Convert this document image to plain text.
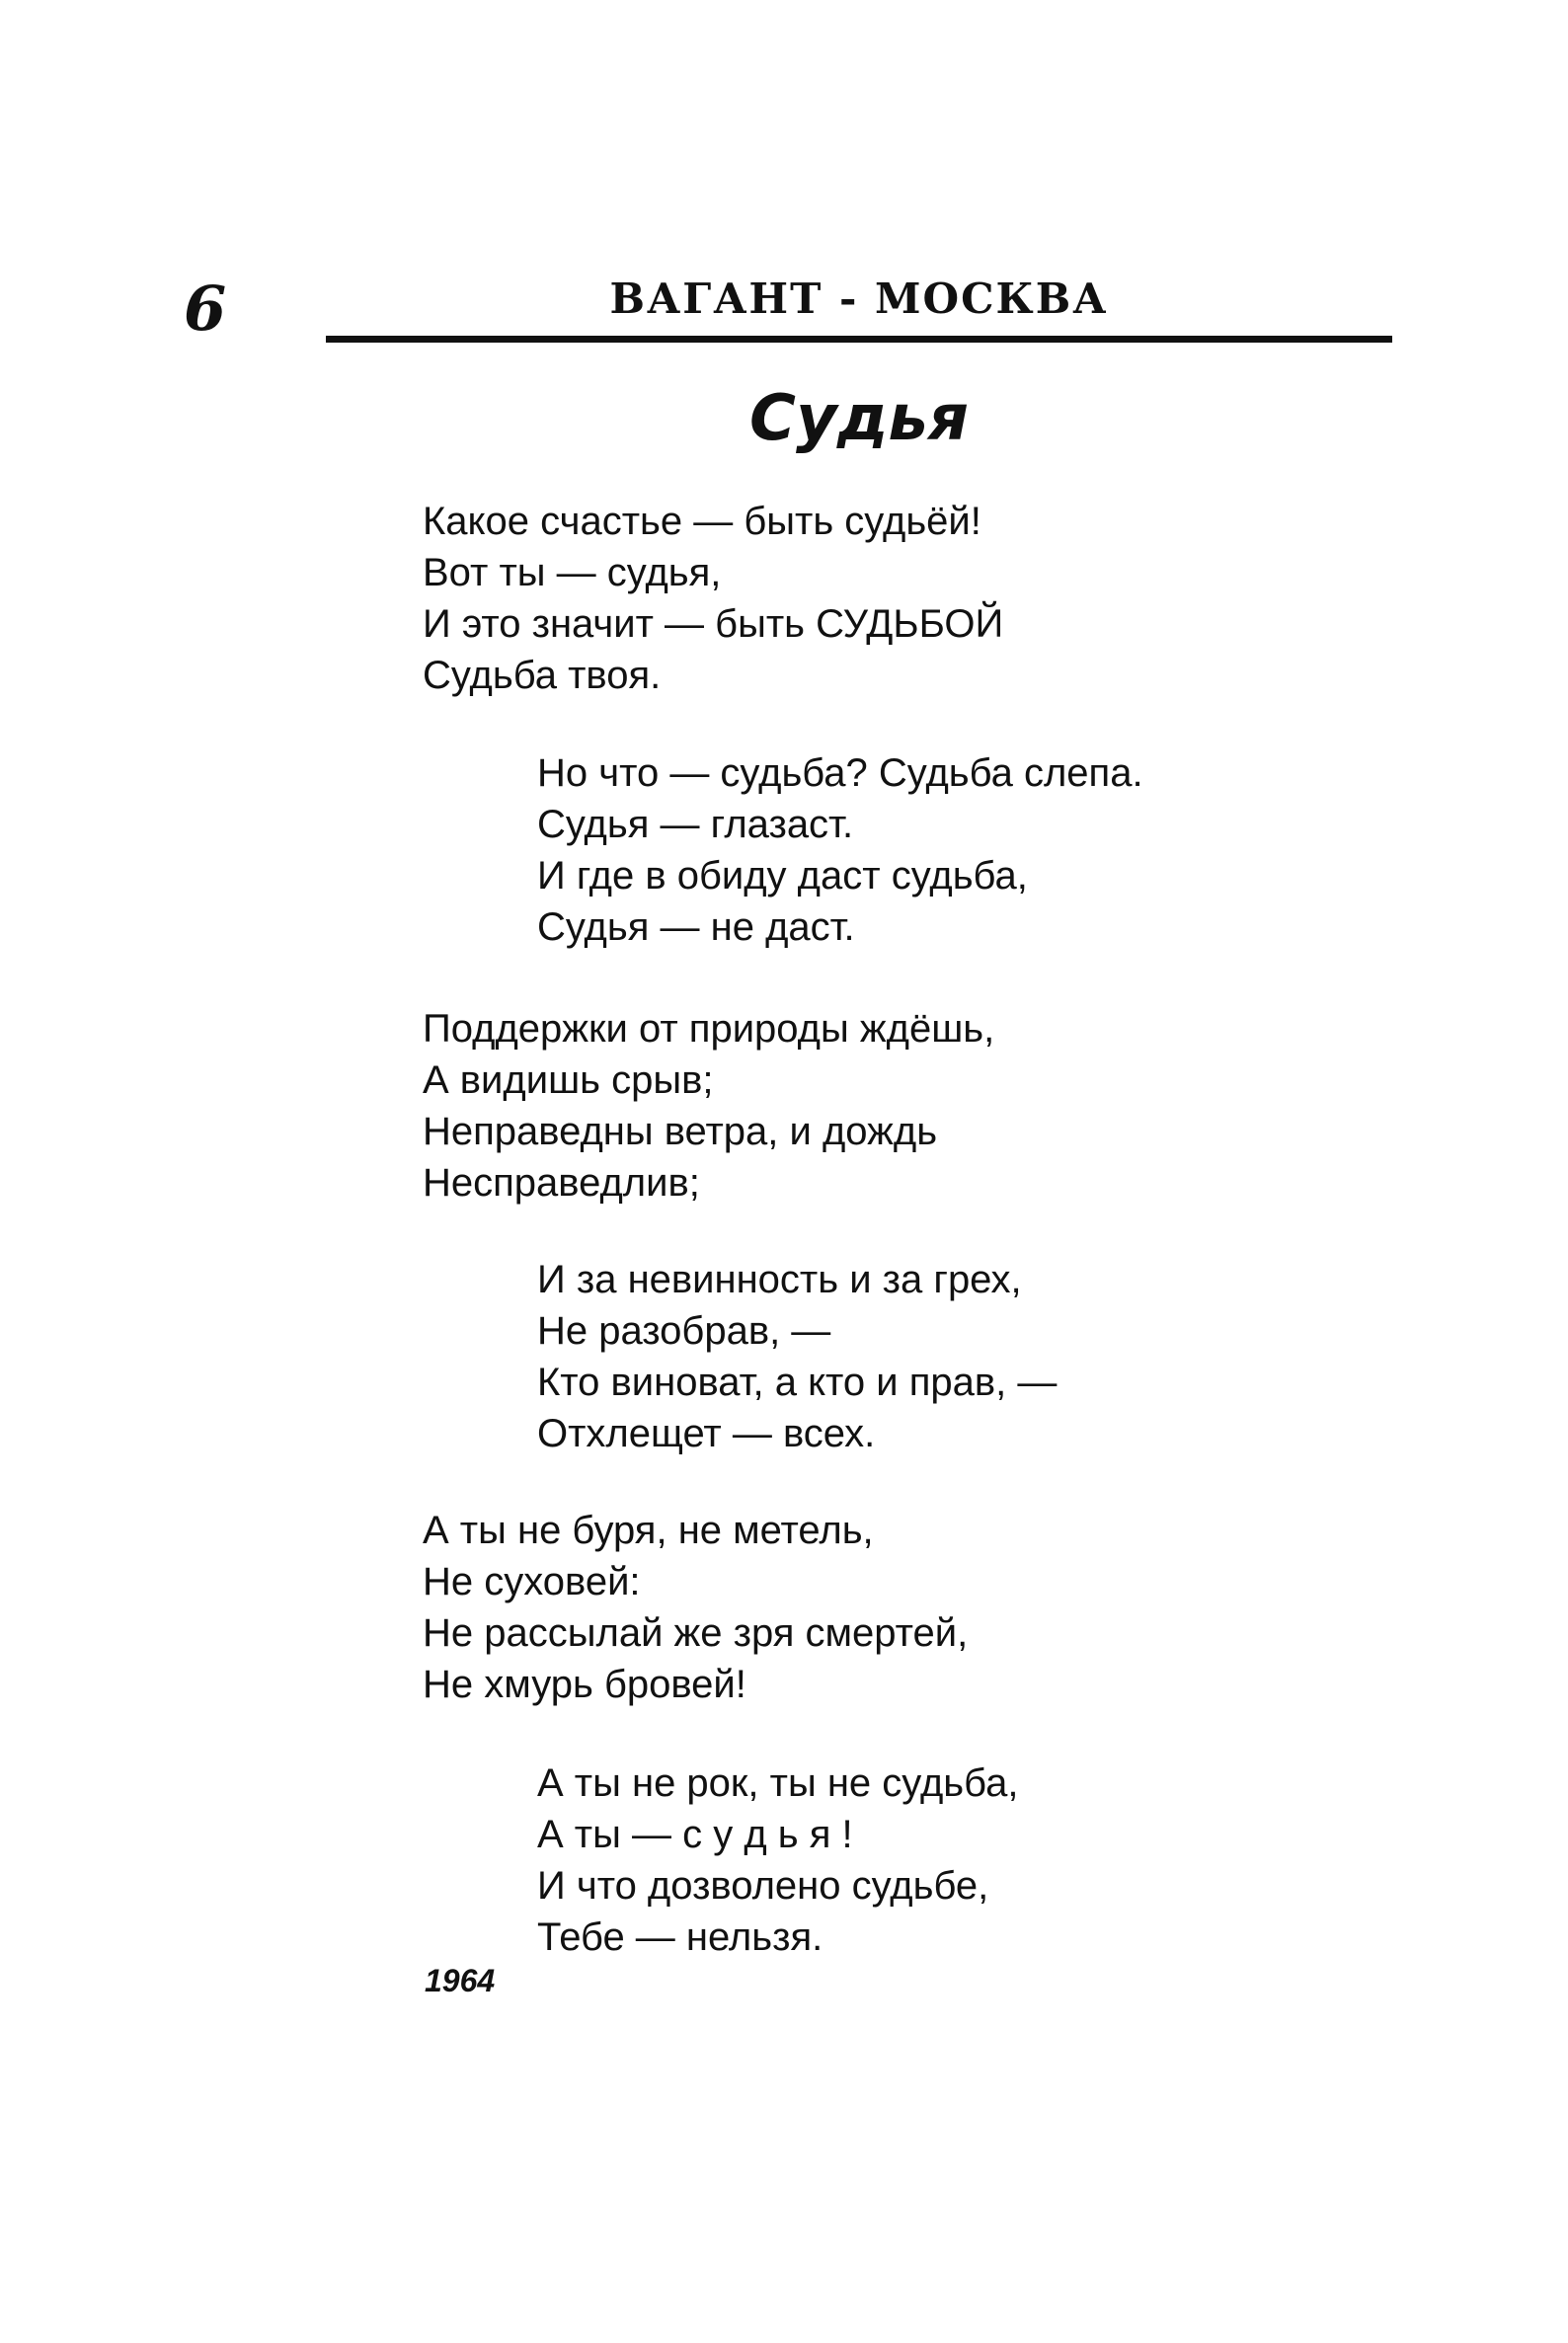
6	ВАГАНТ - МОСКВА
Судья
Какое счастье — быть судьёй!
Вот ты — судья,
И это значит — быть СУДЬБОЙ
Судьба твоя.
Но что — судьба? Судьба слепа.
Судья — глазаст.
И где в обиду даст судьба,
Судья — не даст.
Поддержки от природы ждёшь,
А видишь срыв;
Неправедны ветра, и дождь
Несправедлив;
И за невинность и за грех,
Не разобрав, —
Кто виноват, а кто и прав, —
Отхлещет — всех.
А ты не буря, не метель,
Не суховей:
Не рассылай же зря смертей,
Не хмурь бровей!
А ты не рок, ты не судьба,
А ты — с у д ь я !
И что дозволено судьбе,
Тебе — нельзя.
1964
